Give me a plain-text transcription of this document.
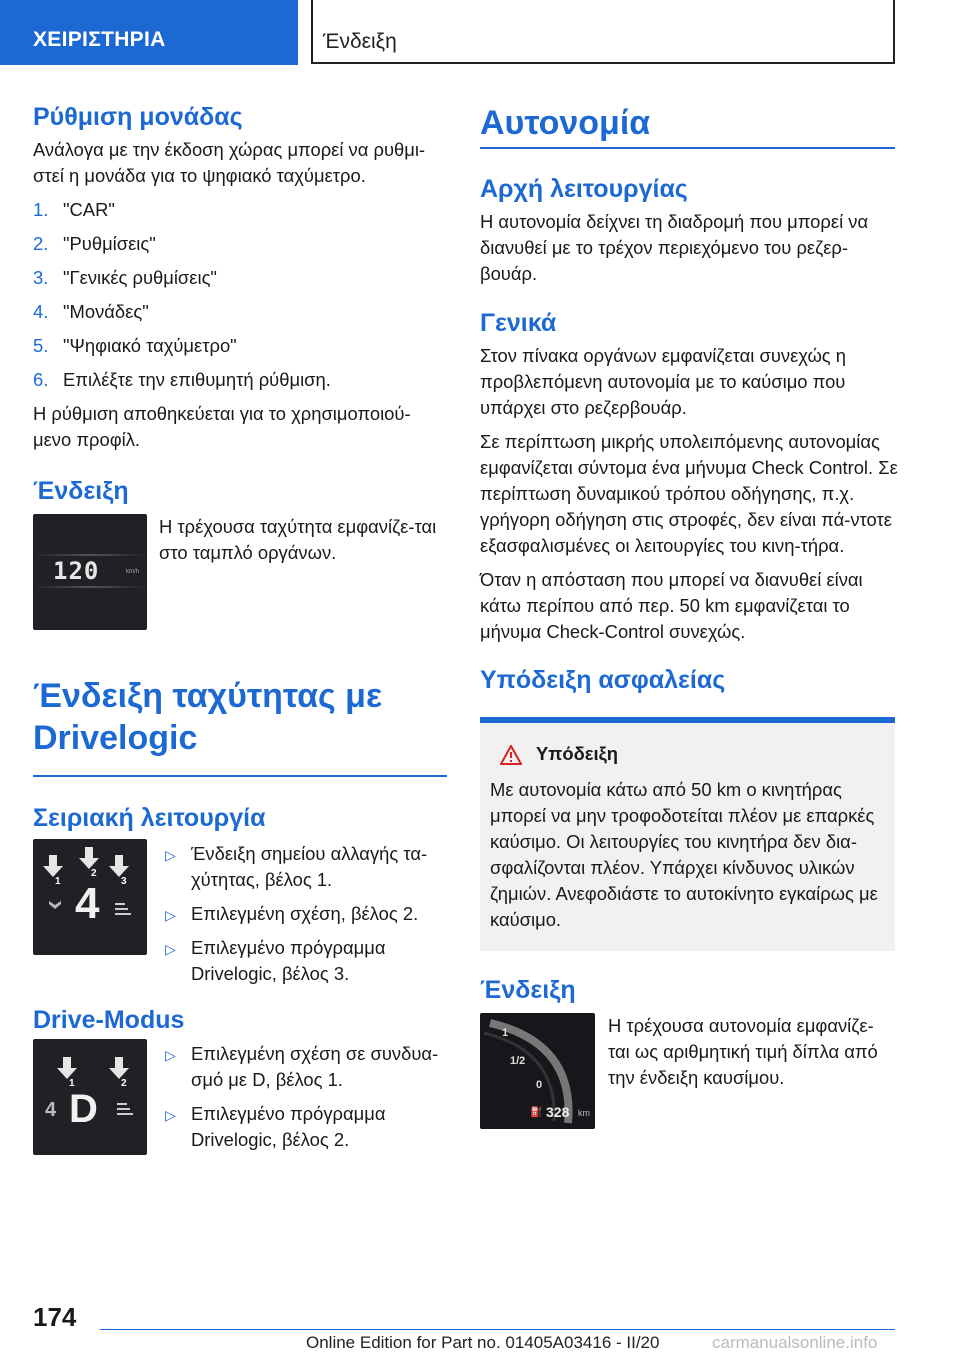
ΧΕΙΡΙΣΤΗΡΙΑ	Ένδειξη
Ρύθμιση μονάδας
Ανάλογα με την έκδοση χώρας μπορεί να ρυθμι-στεί η μονάδα για το ψηφιακό ταχύμετρο.
1. "CAR"
2. "Ρυθμίσεις"
3. "Γενικές ρυθμίσεις"
4. "Μονάδες"
5. "Ψηφιακό ταχύμετρο"
6. Επιλέξτε την επιθυμητή ρύθμιση.
Η ρύθμιση αποθηκεύεται για το χρησιμοποιού-μενο προφίλ.
Ένδειξη
120	km/h
Η τρέχουσα ταχύτητα εμφανίζε-ται στο ταμπλό οργάνων.
Ένδειξη ταχύτητας με Drivelogic
Σειριακή λειτουργία
1
2
3
4
▷ Ένδειξη σημείου αλλαγής τα-χύτητας, βέλος 1.
▷ Επιλεγμένη σχέση, βέλος 2.
▷ Επιλεγμένο πρόγραμμα Drivelogic, βέλος 3.
Drive-Modus
1	2
4 D
▷ Επιλεγμένη σχέση σε συνδυα-σμό με D, βέλος 1.
▷ Επιλεγμένο πρόγραμμα Drivelogic, βέλος 2.
Αυτονομία
Αρχή λειτουργίας
Η αυτονομία δείχνει τη διαδρομή που μπορεί να διανυθεί με το τρέχον περιεχόμενο του ρεζερ-βουάρ.
Γενικά
Στον πίνακα οργάνων εμφανίζεται συνεχώς η προβλεπόμενη αυτονομία με το καύσιμο που υπάρχει στο ρεζερβουάρ.
Σε περίπτωση μικρής υπολειπόμενης αυτονομίας εμφανίζεται σύντομα ένα μήνυμα Check Control. Σε περίπτωση δυναμικού τρόπου οδήγησης, π.χ. γρήγορη οδήγηση στις στροφές, δεν είναι πά-ντοτε εξασφαλισμένες οι λειτουργίες του κινη-τήρα.
Όταν η απόσταση που μπορεί να διανυθεί είναι κάτω περίπου από περ. 50 km εμφανίζεται το μήνυμα Check-Control συνεχώς.
Υπόδειξη ασφαλείας
Υπόδειξη
Με αυτονομία κάτω από 50 km ο κινητήρας μπορεί να μην τροφοδοτείται πλέον με επαρκές καύσιμο. Οι λειτουργίες του κινητήρα δεν δια-σφαλίζονται πλέον. Υπάρχει κίνδυνος υλικών ζημιών. Ανεφοδιάστε το αυτοκίνητο εγκαίρως με καύσιμο.
Ένδειξη
1
1/2
0
⛽ 328 km
Η τρέχουσα αυτονομία εμφανίζε-ται ως αριθμητική τιμή δίπλα από την ένδειξη καυσίμου.
174
Online Edition for Part no. 01405A03416 - II/20	carmanualsonline.info
